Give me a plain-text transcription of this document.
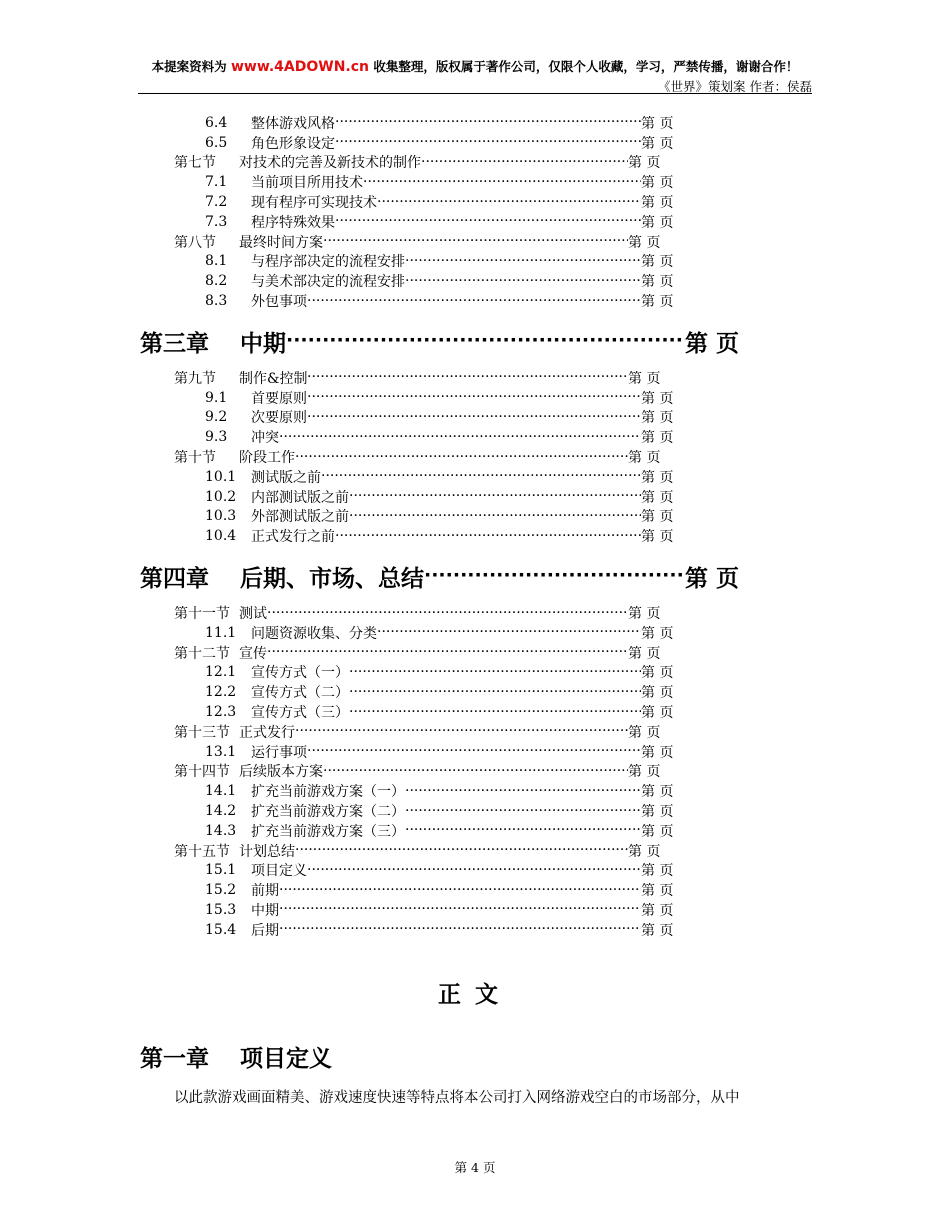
本提案资料为 www.4ADOWN.cn 收集整理，版权属于著作公司，仅限个人收藏，学习，严禁传播，谢谢合作！
《世界》策划案 作者：侯磊
6.4 整体游戏风格 ·····	第 页
6.5 角色形象设定 ·····	第 页
第七节 对技术的完善及新技术的制作 ·····	第 页
7.1 当前项目所用技术 ·····	第 页
7.2 现有程序可实现技术 ·····	第 页
7.3 程序特殊效果 ·····	第 页
第八节 最终时间方案 ·····	第 页
8.1 与程序部决定的流程安排 ·····	第 页
8.2 与美术部决定的流程安排 ·····	第 页
8.3 外包事项 ·····	第 页
第三章 中期 ·····	第 页
第九节 制作&控制 ·····	第 页
9.1 首要原则 ·····	第 页
9.2 次要原则 ·····	第 页
9.3 冲突 ·····	第 页
第十节 阶段工作 ·····	第 页
10.1 测试版之前 ·····	第 页
10.2 内部测试版之前 ·····	第 页
10.3 外部测试版之前 ·····	第 页
10.4 正式发行之前 ·····	第 页
第四章 后期、市场、总结 ·····	第 页
第十一节 测试 ·····	第 页
11.1 问题资源收集、分类 ·····	第 页
第十二节 宣传 ·····	第 页
12.1 宣传方式（一） ·····	第 页
12.2 宣传方式（二） ·····	第 页
12.3 宣传方式（三） ·····	第 页
第十三节 正式发行 ·····	第 页
13.1 运行事项 ·····	第 页
第十四节 后续版本方案 ·····	第 页
14.1 扩充当前游戏方案（一） ·····	第 页
14.2 扩充当前游戏方案（二） ·····	第 页
14.3 扩充当前游戏方案（三） ·····	第 页
第十五节 计划总结 ·····	第 页
15.1 项目定义 ·····	第 页
15.2 前期 ·····	第 页
15.3 中期 ·····	第 页
15.4 后期 ·····	第 页
正文
第一章 项目定义
以此款游戏画面精美、游戏速度快速等特点将本公司打入网络游戏空白的市场部分，从中
第 4 页
